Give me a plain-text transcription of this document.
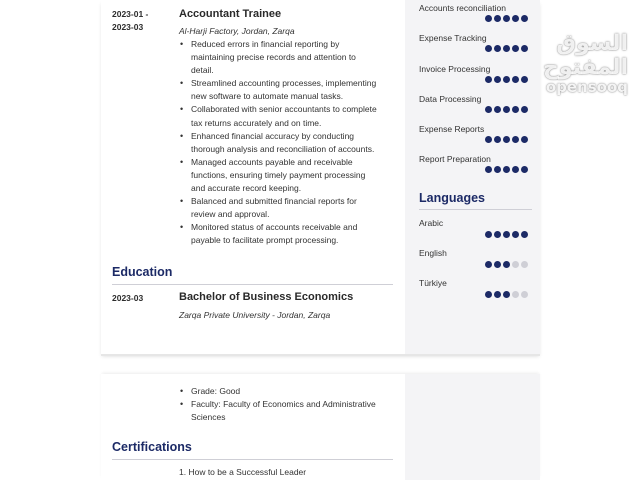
Accounts reconciliation
Expense Tracking
Invoice Processing
Data Processing
Expense Reports
Report Preparation
Languages
Arabic
English
Türkiye
2023-01 - 2023-03
Accountant Trainee
Al-Harji Factory, Jordan, Zarqa
• Reduced errors in financial reporting by maintaining precise records and attention to detail.
• Streamlined accounting processes, implementing new software to automate manual tasks.
• Collaborated with senior accountants to complete tax returns accurately and on time.
• Enhanced financial accuracy by conducting thorough analysis and reconciliation of accounts.
• Managed accounts payable and receivable functions, ensuring timely payment processing and accurate record keeping.
• Balanced and submitted financial reports for review and approval.
• Monitored status of accounts receivable and payable to facilitate prompt processing.
Education
2023-03	Bachelor of Business Economics
Zarqa Private University - Jordan, Zarqa
• Grade: Good
• Faculty: Faculty of Economics and Administrative Sciences
Certifications
1. How to be a Successful Leader
السوق المفتوح
opensooq
